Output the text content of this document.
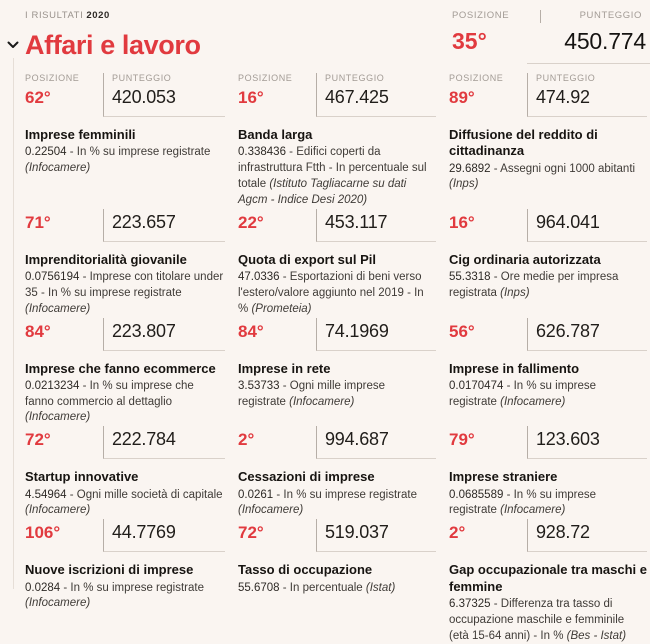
I RISULTATI 2020	POSIZIONE	PUNTEGGIO
Affari e lavoro	35°	450.774
POSIZIONE	PUNTEGGIO
62°	420.053
Imprese femminili

0.22504 - In % su imprese registrate (Infocamere)

POSIZIONE	PUNTEGGIO
16°	467.425
Banda larga

0.338436 - Edifici coperti da infrastruttura Ftth - In percentuale sul totale (Istituto Tagliacarne su dati Agcm - Indice Desi 2020)

POSIZIONE	PUNTEGGIO
89°	474.92
Diffusione del reddito di cittadinanza

29.6892 - Assegni ogni 1000 abitanti (Inps)

71°	223.657
Imprenditorialità giovanile

0.0756194 - Imprese con titolare under 35 - In % su imprese registrate (Infocamere)

22°	453.117
Quota di export sul Pil

47.0336 - Esportazioni di beni verso l'estero/valore aggiunto nel 2019 - In % (Prometeia)

16°	964.041
Cig ordinaria autorizzata

55.3318 - Ore medie per impresa registrata (Inps)

84°	223.807
Imprese che fanno ecommerce

0.0213234 - In % su imprese che fanno commercio al dettaglio (Infocamere)

84°	74.1969
Imprese in rete

3.53733 - Ogni mille imprese registrate (Infocamere)

56°	626.787
Imprese in fallimento

0.0170474 - In % su imprese registrate (Infocamere)

72°	222.784
Startup innovative

4.54964 - Ogni mille società di capitale (Infocamere)

2°	994.687
Cessazioni di imprese

0.0261 - In % su imprese registrate (Infocamere)

79°	123.603
Imprese straniere

0.0685589 - In % su imprese registrate (Infocamere)

106°	44.7769
Nuove iscrizioni di imprese

0.0284 - In % su imprese registrate (Infocamere)

72°	519.037
Tasso di occupazione

55.6708 - In percentuale (Istat)

2°	928.72
Gap occupazionale tra maschi e femmine

6.37325 - Differenza tra tasso di occupazione maschile e femminile (età 15-64 anni) - In % (Bes - Istat)
